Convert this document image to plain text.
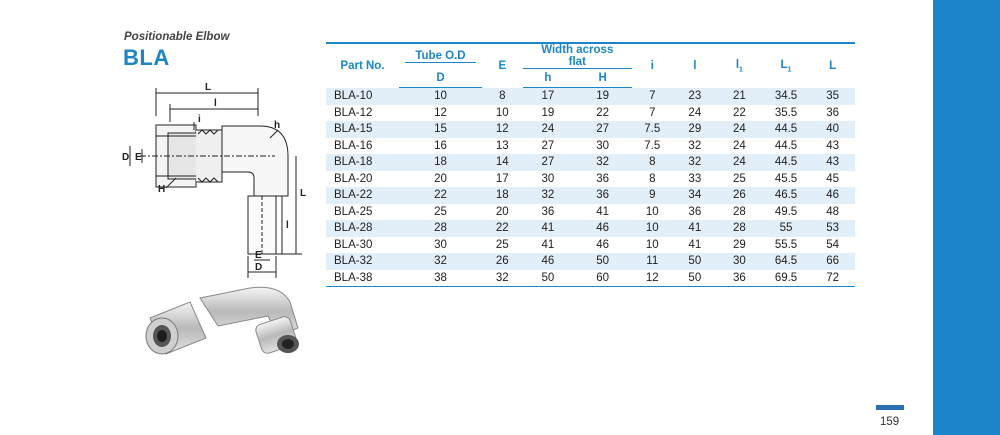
Positionable Elbow
BLA
L
l
i
h
D E
H	L
l
E
D
Part No.	Tube O.D	E	Width across flat		i	l	$l_1$	$L_1$	L
	D		h	H					
BLA-10	10	8	17	19	7	23	21	34.5	35
BLA-12	12	10	19	22	7	24	22	35.5	36
BLA-15	15	12	24	27	7.5	29	24	44.5	40
BLA-16	16	13	27	30	7.5	32	24	44.5	43
BLA-18	18	14	27	32	8	32	24	44.5	43
BLA-20	20	17	30	36	8	33	25	45.5	45
BLA-22	22	18	32	36	9	34	26	46.5	46
BLA-25	25	20	36	41	10	36	28	49.5	48
BLA-28	28	22	41	46	10	41	28	55	53
BLA-30	30	25	41	46	10	41	29	55.5	54
BLA-32	32	26	46	50	11	50	30	64.5	66
BLA-38	38	32	50	60	12	50	36	69.5	72
159
